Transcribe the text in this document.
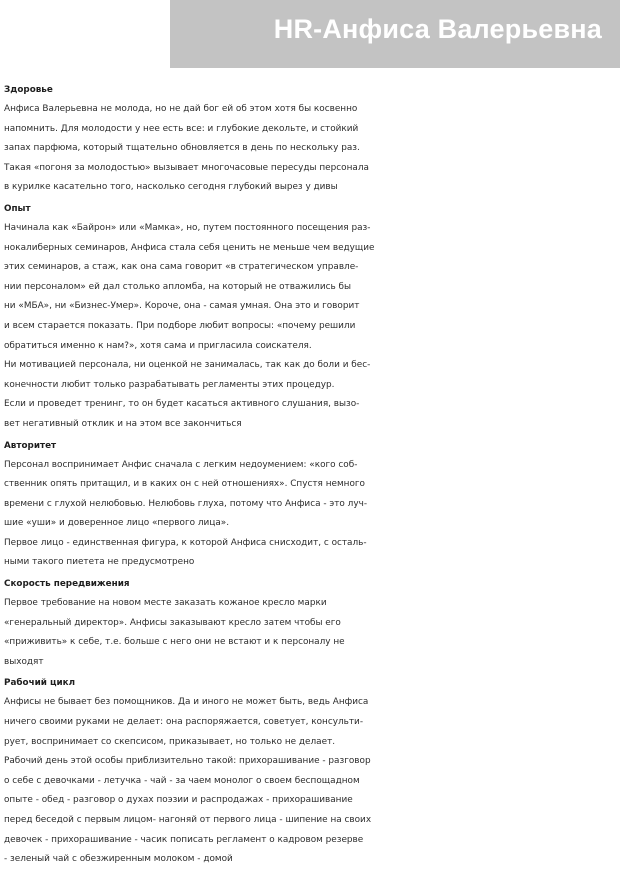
HR-Анфиса Валерьевна
Здоровье
Анфиса Валерьевна не молода, но не дай бог ей об этом хотя бы косвенно
напомнить. Для молодости у нее есть все: и глубокие декольте, и стойкий
запах парфюма, который тщательно обновляется в день по нескольку раз.
Такая «погоня за молодостью» вызывает многочасовые пересуды персонала
в курилке касательно того, насколько сегодня глубокий вырез у дивы
Опыт
Начинала как «Байрон» или «Мамка», но, путем постоянного посещения раз-
нокалиберных семинаров, Анфиса стала себя ценить не меньше чем ведущие
этих семинаров, а стаж, как она сама говорит «в стратегическом управле-
нии персоналом» ей дал столько апломба, на который не отважились бы
ни «МБА», ни «Бизнес-Умер». Короче, она - самая умная. Она это и говорит
и всем старается показать. При подборе любит вопросы: «почему решили
обратиться именно к нам?», хотя сама и пригласила соискателя.
Ни мотивацией персонала, ни оценкой не занималась, так как до боли и бес-
конечности любит только разрабатывать регламенты этих процедур.
Если и проведет тренинг, то он будет касаться активного слушания, вызо-
вет негативный отклик и на этом все закончиться
Авторитет
Персонал воспринимает Анфис сначала с легким недоумением: «кого соб-
ственник опять притащил, и в каких он с ней отношениях». Спустя немного
времени с глухой нелюбовью. Нелюбовь глуха, потому что Анфиса - это луч-
шие «уши» и доверенное лицо «первого лица».
Первое лицо - единственная фигура, к которой Анфиса снисходит, с осталь-
ными такого пиетета не предусмотрено
Скорость передвижения
Первое требование на новом месте заказать кожаное кресло марки
«генеральный директор». Анфисы заказывают кресло затем чтобы его
«приживить» к себе, т.е. больше с него они не встают и к персоналу не
выходят
Рабочий цикл
Анфисы не бывает без помощников. Да и иного не может быть, ведь Анфиса
ничего своими руками не делает: она распоряжается, советует, консульти-
рует, воспринимает со скепсисом, приказывает, но только не делает.
Рабочий день этой особы приблизительно такой: прихорашивание - разговор
о себе с девочками - летучка - чай - за чаем монолог о своем беспощадном
опыте - обед - разговор о духах поэзии и распродажах - прихорашивание
перед беседой с первым лицом- нагоняй от первого лица - шипение на своих
девочек - прихорашивание - часик пописать регламент о кадровом резерве
- зеленый чай с обезжиренным молоком - домой
